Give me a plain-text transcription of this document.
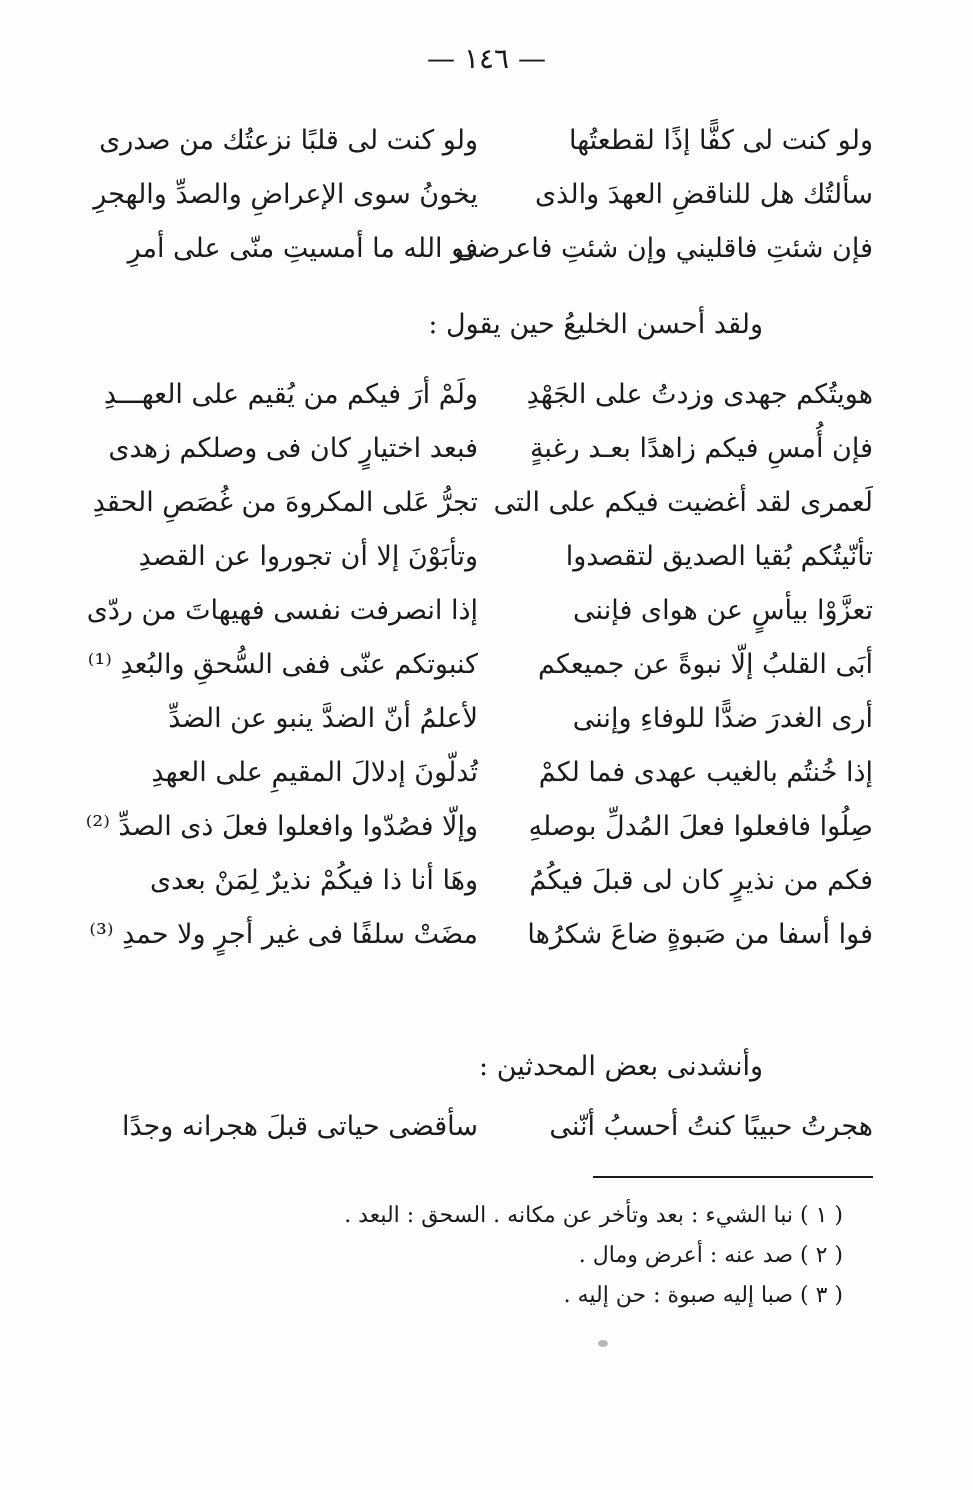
— ١٤٦ —
ولو كنت لى كفًّا إذًا لقطعتُها
ولو كنت لى قلبًا نزعتُك من صدرى
سألتُك هل للناقضِ العهدَ والذى
يخونُ سوى الإعراضِ والصدِّ والهجرِ
فإن شئتِ فاقليني وإن شئتِ فاعرضى
فو الله ما أمسيتِ منّى على أمرِ
ولقد أحسن الخليعُ حين يقول :
هويتُكم جهدى وزدتُ على الجَهْدِ
ولَمْ أرَ فيكم من يُقيم على العهـــدِ
فإن أُمسِ فيكم زاهدًا بعـد رغبةٍ
فبعد اختيارٍ كان فى وصلكم زهدى
لَعمرى لقد أغضيت فيكم على التى
تجرُّ عَلى المكروهَ من غُصَصِ الحقدِ
تأنّيتُكم بُقيا الصديق لتقصدوا
وتأبَوْنَ إلا أن تجوروا عن القصدِ
تعزَّوْا بيأسٍ عن هواى فإننى
إذا انصرفت نفسى فهيهاتَ من ردّى
أبَى القلبُ إلّا نبوةً عن جميعكم
كنبوتكم عنّى ففى السُّحقِ والبُعدِ ⁽¹⁾
أرى الغدرَ ضدًّا للوفاءِ وإننى
لأعلمُ أنّ الضدَّ ينبو عن الضدِّ
إذا خُنتُم بالغيب عهدى فما لكمْ
تُدلّونَ إدلالَ المقيمِ على العهدِ
صِلُوا فافعلوا فعلَ المُدلِّ بوصلهِ
وإلّا فصُدّوا وافعلوا فعلَ ذى الصدِّ ⁽²⁾
فكم من نذيرٍ كان لى قبلَ فيكُمُ
وهَا أنا ذا فيكُمْ نذيرٌ لِمَنْ بعدى
فوا أسفا من صَبوةٍ ضاعَ شكرُها
مضَتْ سلفًا فى غير أجرٍ ولا حمدِ ⁽³⁾
وأنشدنى بعض المحدثين :
هجرتُ حبيبًا كنتُ أحسبُ أنّنى
سأقضى حياتى قبلَ هجرانه وجدًا
( ١ ) نبا الشيء : بعد وتأخر عن مكانه . السحق : البعد .
( ٢ ) صد عنه : أعرض ومال .
( ٣ ) صبا إليه صبوة : حن إليه .
